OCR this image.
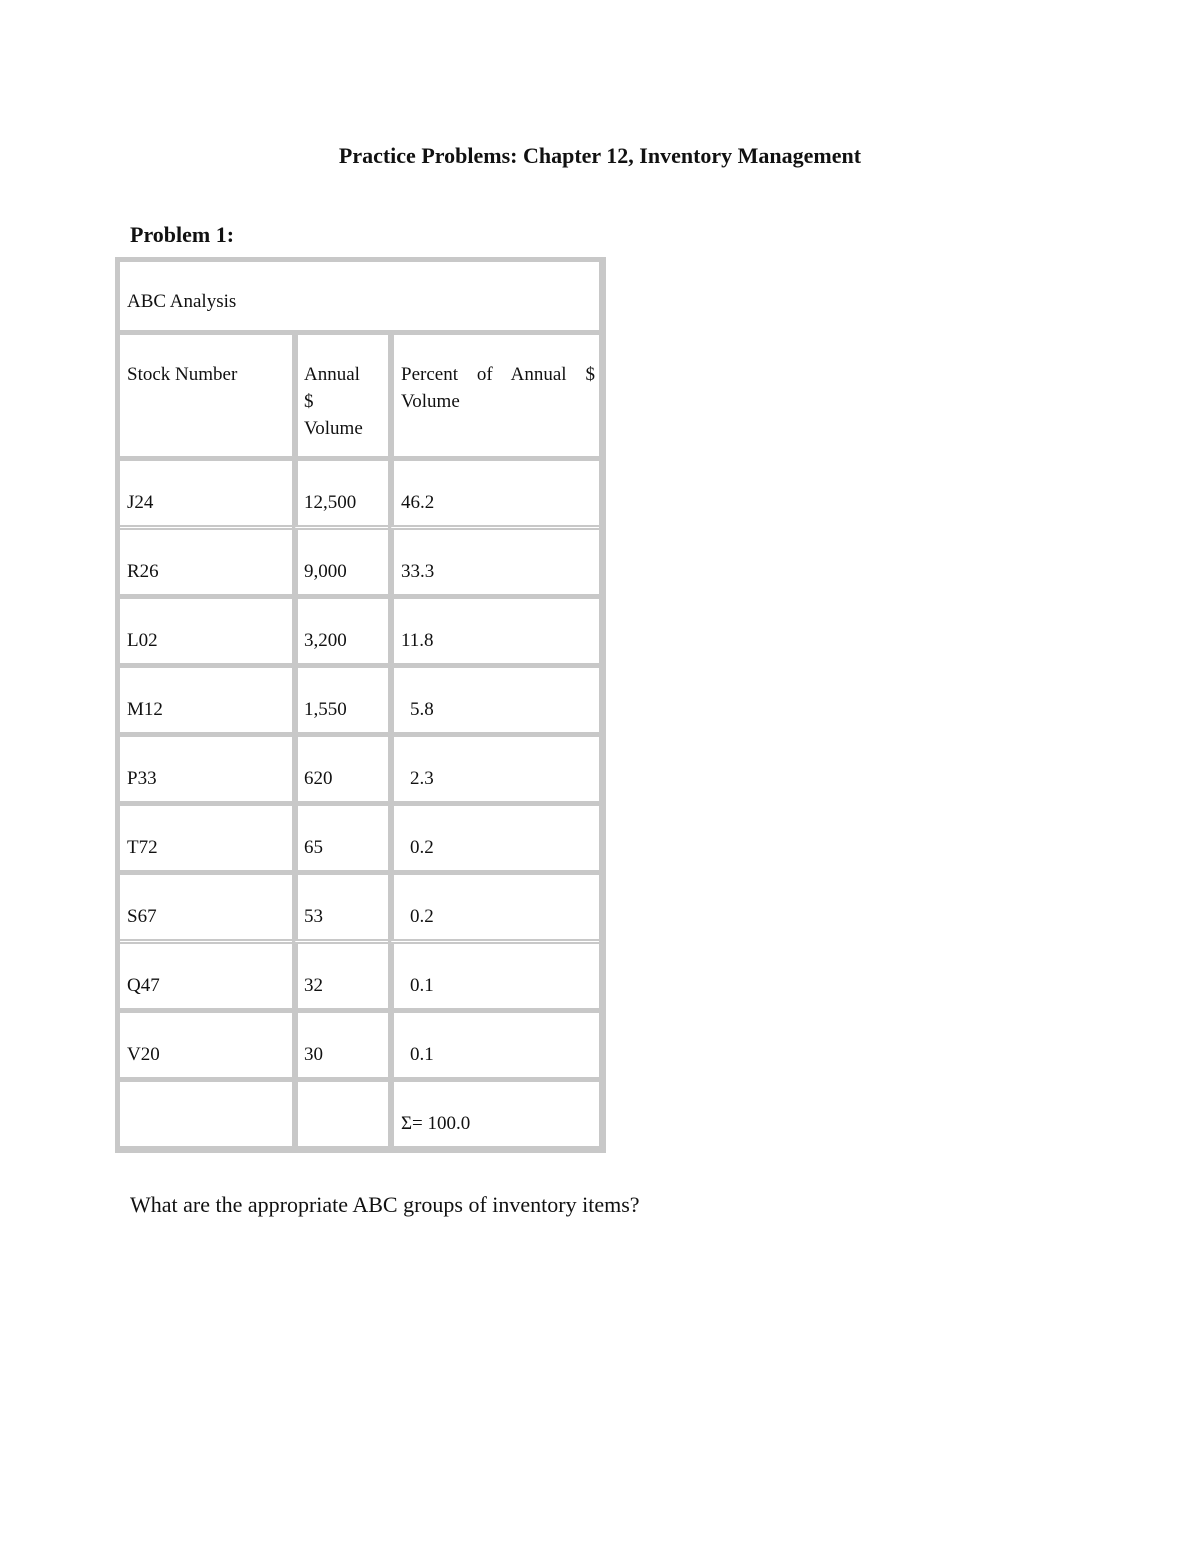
Practice Problems: Chapter 12, Inventory Management
Problem 1:
ABC Analysis		
Stock Number	Annual $ Volume	Percent of Annual $ Volume
J24	12,500	46.2
R26	9,000	33.3
L02	3,200	11.8
M12	1,550	5.8
P33	620	2.3
T72	65	0.2
S67	53	0.2
Q47	32	0.1
V20	30	0.1
		Σ= 100.0
What are the appropriate ABC groups of inventory items?
